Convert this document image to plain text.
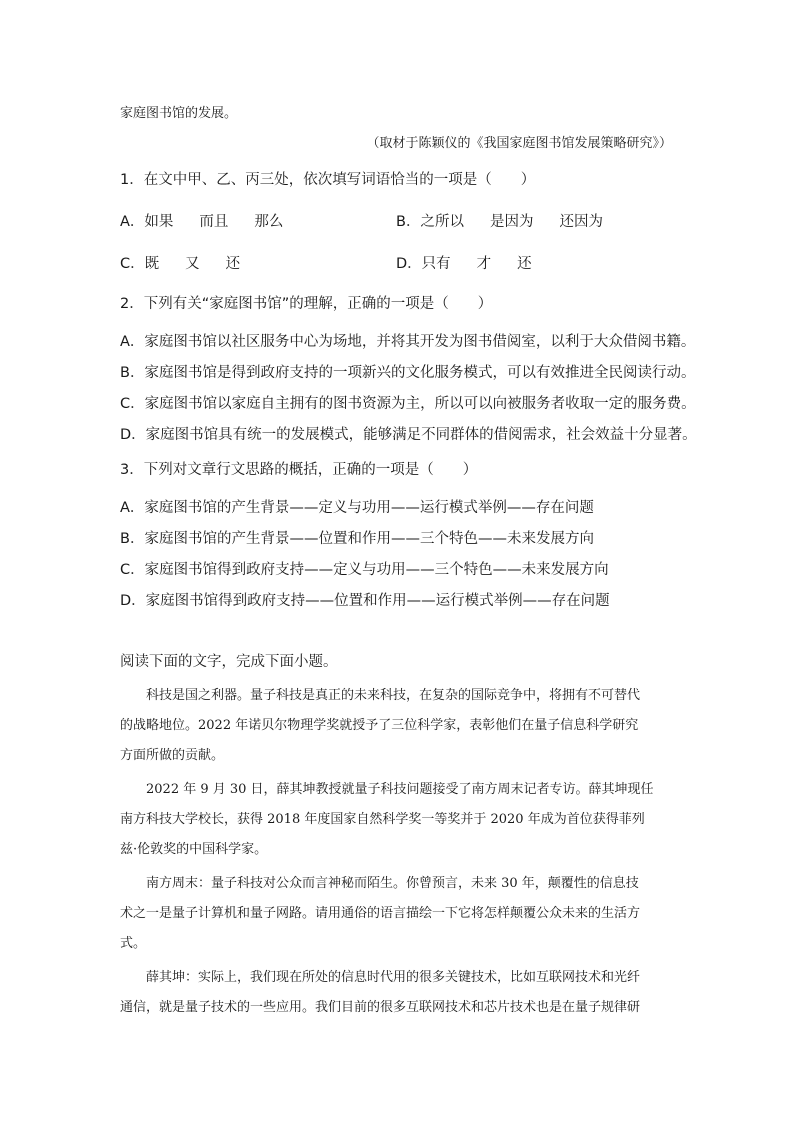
家庭图书馆的发展。
（取材于陈颖仪的《我国家庭图书馆发展策略研究》）
1．在文中甲、乙、丙三处，依次填写词语恰当的一项是（　　）
A．如果 而且 那么	B．之所以 是因为 还因为
C．既 又 还	D．只有 才 还
2．下列有关“家庭图书馆”的理解，正确的一项是（　　）
A．家庭图书馆以社区服务中心为场地，并将其开发为图书借阅室，以利于大众借阅书籍。
B．家庭图书馆是得到政府支持的一项新兴的文化服务模式，可以有效推进全民阅读行动。
C．家庭图书馆以家庭自主拥有的图书资源为主，所以可以向被服务者收取一定的服务费。
D．家庭图书馆具有统一的发展模式，能够满足不同群体的借阅需求，社会效益十分显著。
3．下列对文章行文思路的概括，正确的一项是（　　）
A．家庭图书馆的产生背景——定义与功用——运行模式举例——存在问题
B．家庭图书馆的产生背景——位置和作用——三个特色——未来发展方向
C．家庭图书馆得到政府支持——定义与功用——三个特色——未来发展方向
D．家庭图书馆得到政府支持——位置和作用——运行模式举例——存在问题
阅读下面的文字，完成下面小题。
　　科技是国之利器。量子科技是真正的未来科技，在复杂的国际竞争中，将拥有不可替代
的战略地位。2022 年诺贝尔物理学奖就授予了三位科学家，表彰他们在量子信息科学研究
方面所做的贡献。
　　2022 年 9 月 30 日，薛其坤教授就量子科技问题接受了南方周末记者专访。薛其坤现任
南方科技大学校长，获得 2018 年度国家自然科学奖一等奖并于 2020 年成为首位获得菲列
兹·伦敦奖的中国科学家。
　　南方周末：量子科技对公众而言神秘而陌生。你曾预言，未来 30 年，颠覆性的信息技
术之一是量子计算机和量子网路。请用通俗的语言描绘一下它将怎样颠覆公众未来的生活方
式。
　　薛其坤：实际上，我们现在所处的信息时代用的很多关键技术，比如互联网技术和光纤
通信，就是量子技术的一些应用。我们目前的很多互联网技术和芯片技术也是在量子规律研
